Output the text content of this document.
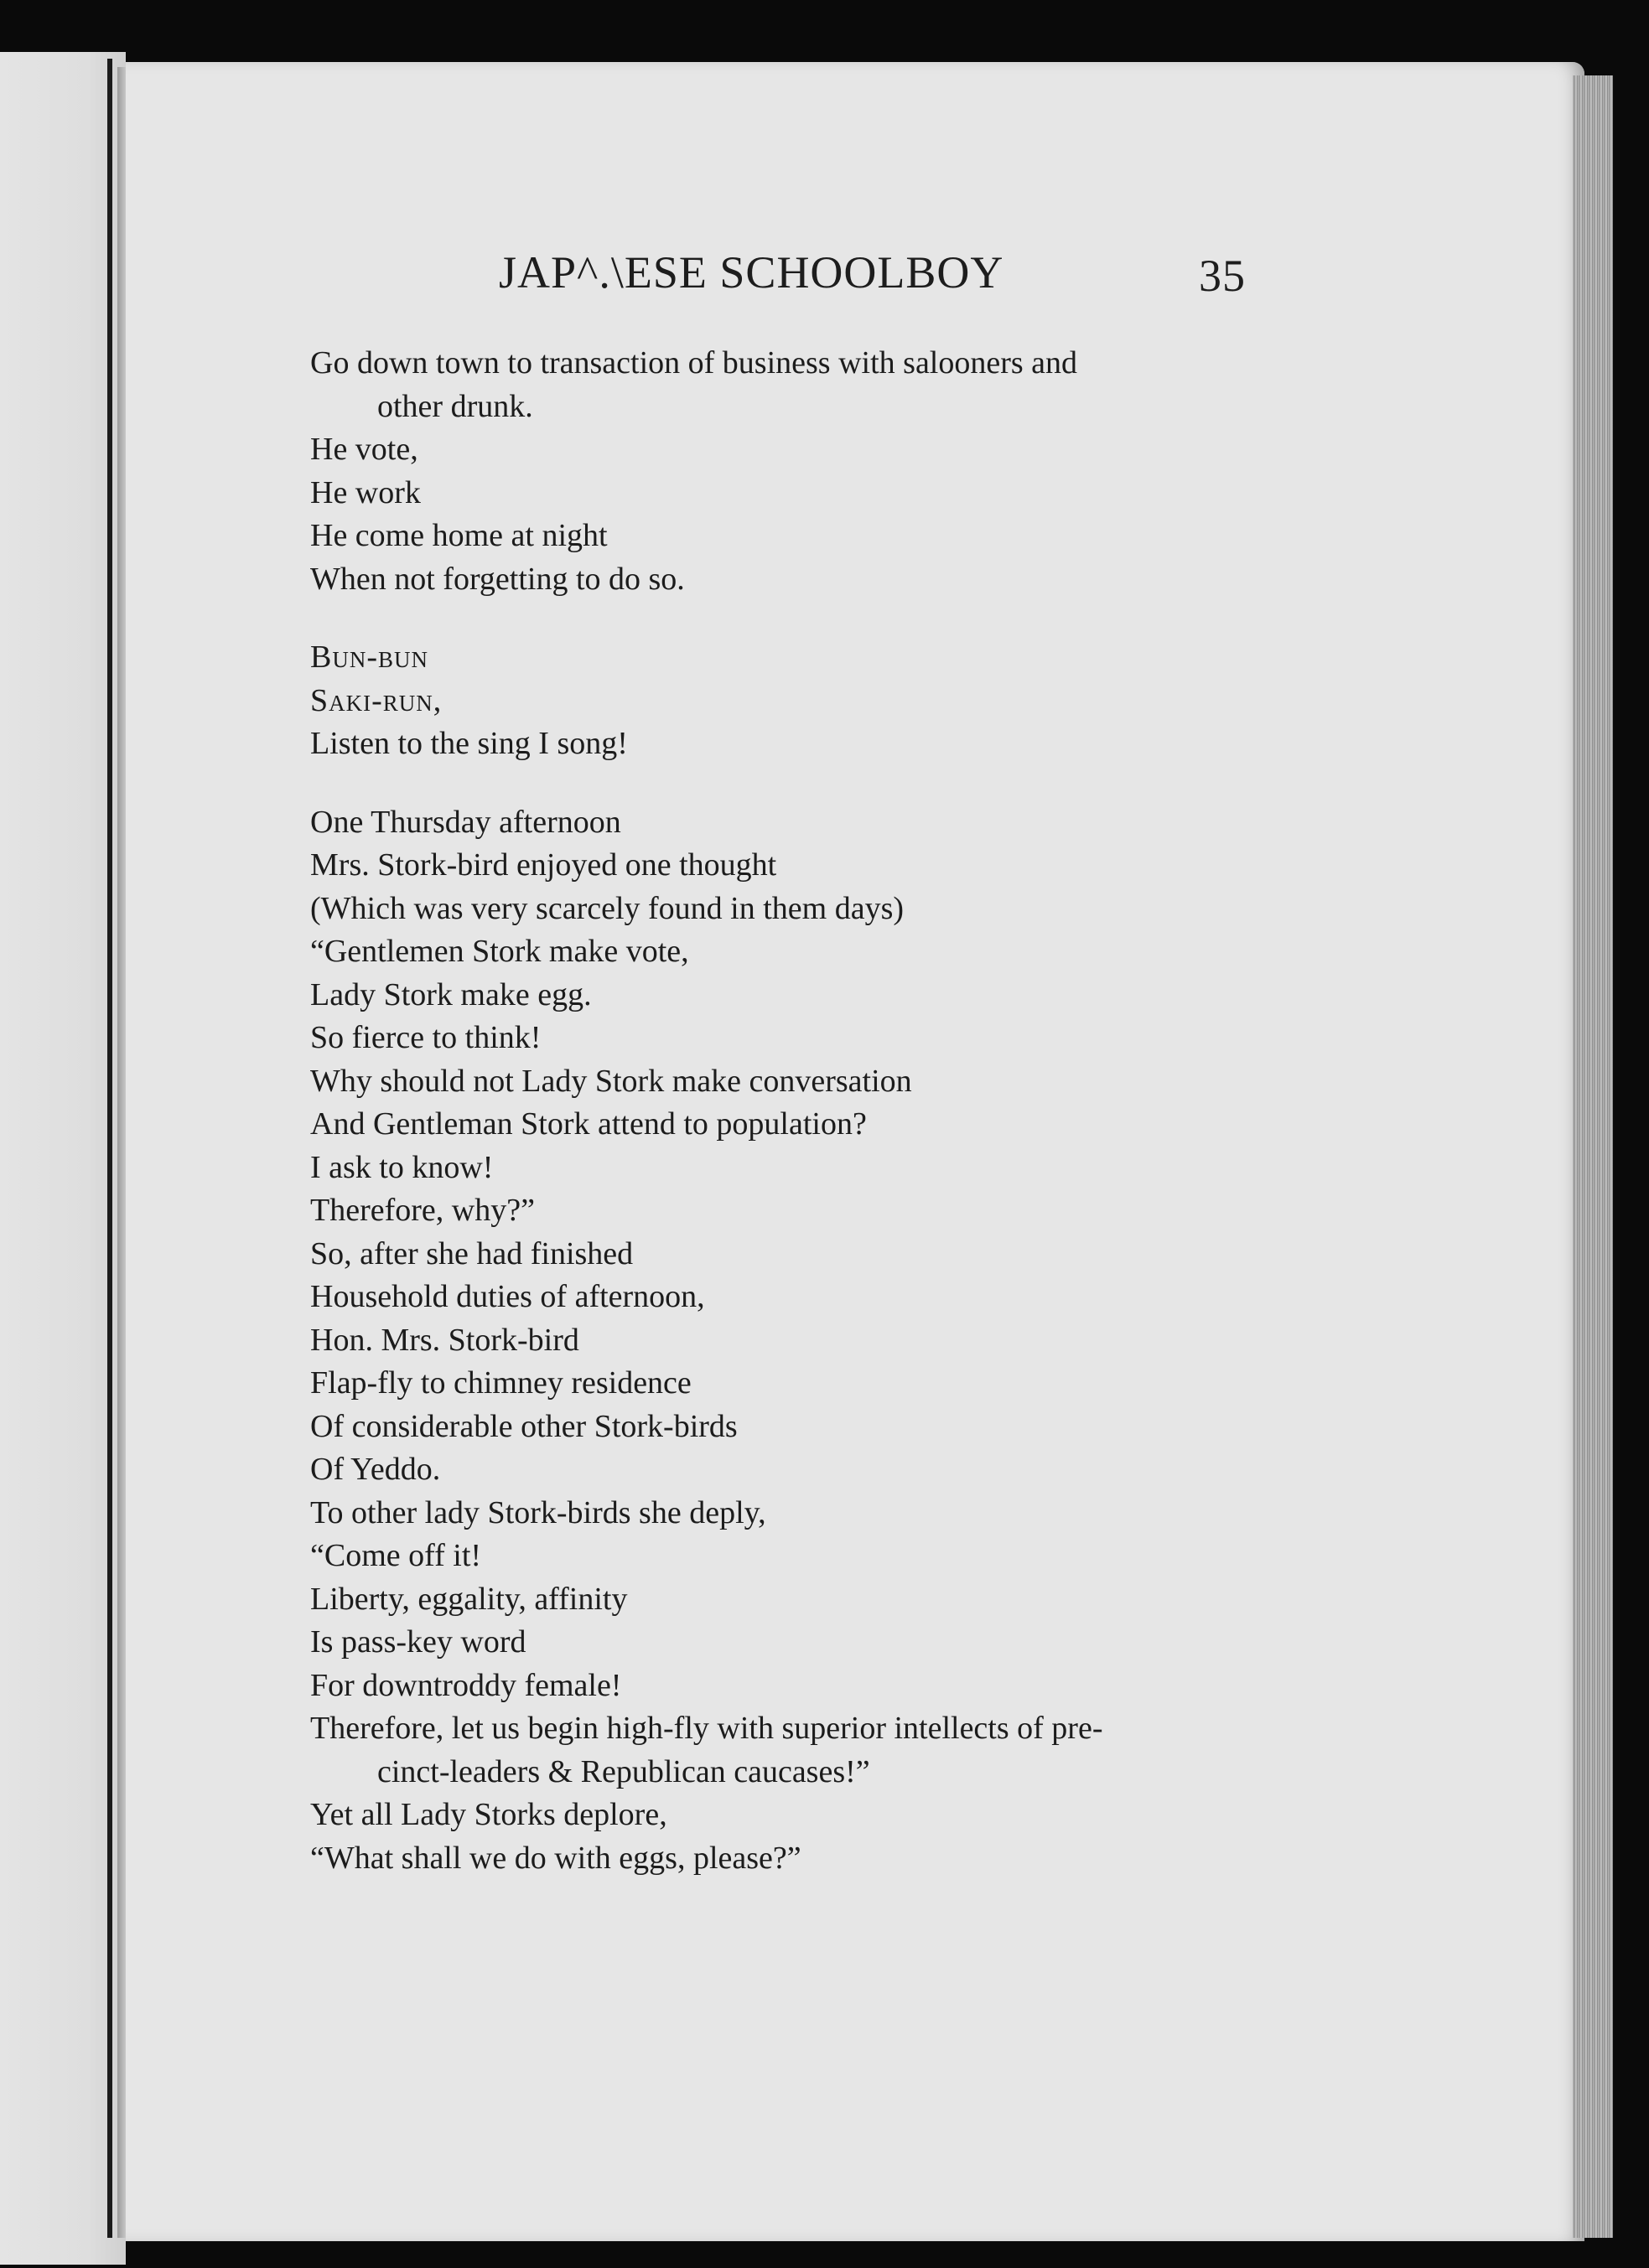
JAP^.\ESE SCHOOLBOY	35
Go down town to transaction of business with salooners and
other drunk.
He vote,
He work
He come home at night
When not forgetting to do so.
Bun-bun
Saki-run,
Listen to the sing I song!
One Thursday afternoon
Mrs. Stork-bird enjoyed one thought
(Which was very scarcely found in them days)
“Gentlemen Stork make vote,
Lady Stork make egg.
So fierce to think!
Why should not Lady Stork make conversation
And Gentleman Stork attend to population?
I ask to know!
Therefore, why?”
So, after she had finished
Household duties of afternoon,
Hon. Mrs. Stork-bird
Flap-fly to chimney residence
Of considerable other Stork-birds
Of Yeddo.
To other lady Stork-birds she deply,
“Come off it!
Liberty, eggality, affinity
Is pass-key word
For downtroddy female!
Therefore, let us begin high-fly with superior intellects of pre-
cinct-leaders & Republican caucases!”
Yet all Lady Storks deplore,
“What shall we do with eggs, please?”
